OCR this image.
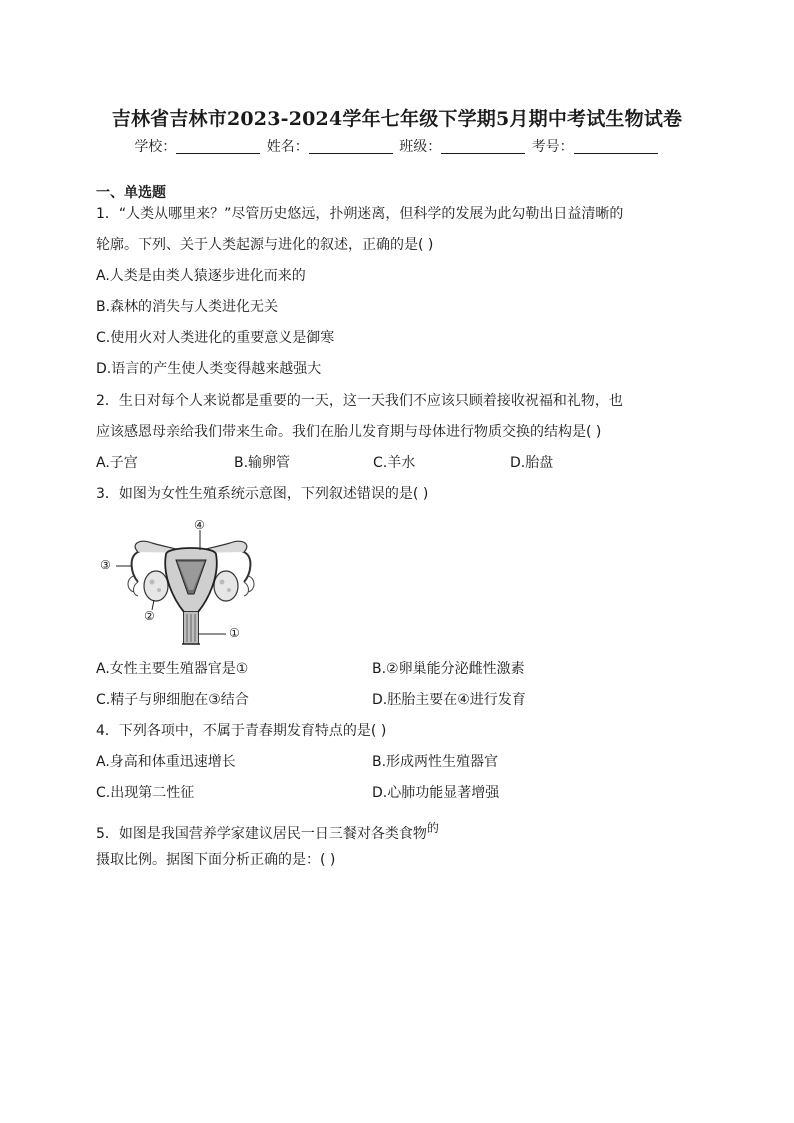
吉林省吉林市2023-2024学年七年级下学期5月期中考试生物试卷
学校：	姓名：	班级：	考号：
一、单选题
1．“人类从哪里来？”尽管历史悠远，扑朔迷离，但科学的发展为此勾勒出日益清晰的
轮廓。下列、关于人类起源与进化的叙述，正确的是( )
A.人类是由类人猿逐步进化而来的
B.森林的消失与人类进化无关
C.使用火对人类进化的重要意义是御寒
D.语言的产生使人类变得越来越强大
2．生日对每个人来说都是重要的一天，这一天我们不应该只顾着接收祝福和礼物，也
应该感恩母亲给我们带来生命。我们在胎儿发育期与母体进行物质交换的结构是( )
A.子宫	B.输卵管	C.羊水	D.胎盘
3．如图为女性生殖系统示意图，下列叙述错误的是( )
④
③
②
①
A.女性主要生殖器官是①	B.②卵巢能分泌雌性激素
C.精子与卵细胞在③结合	D.胚胎主要在④进行发育
4．下列各项中，不属于青春期发育特点的是( )
A.身高和体重迅速增长	B.形成两性生殖器官
C.出现第二性征	D.心肺功能显著增强
5．如图是我国营养学家建议居民一日三餐对各类食物的
摄取比例。据图下面分析正确的是：( )
